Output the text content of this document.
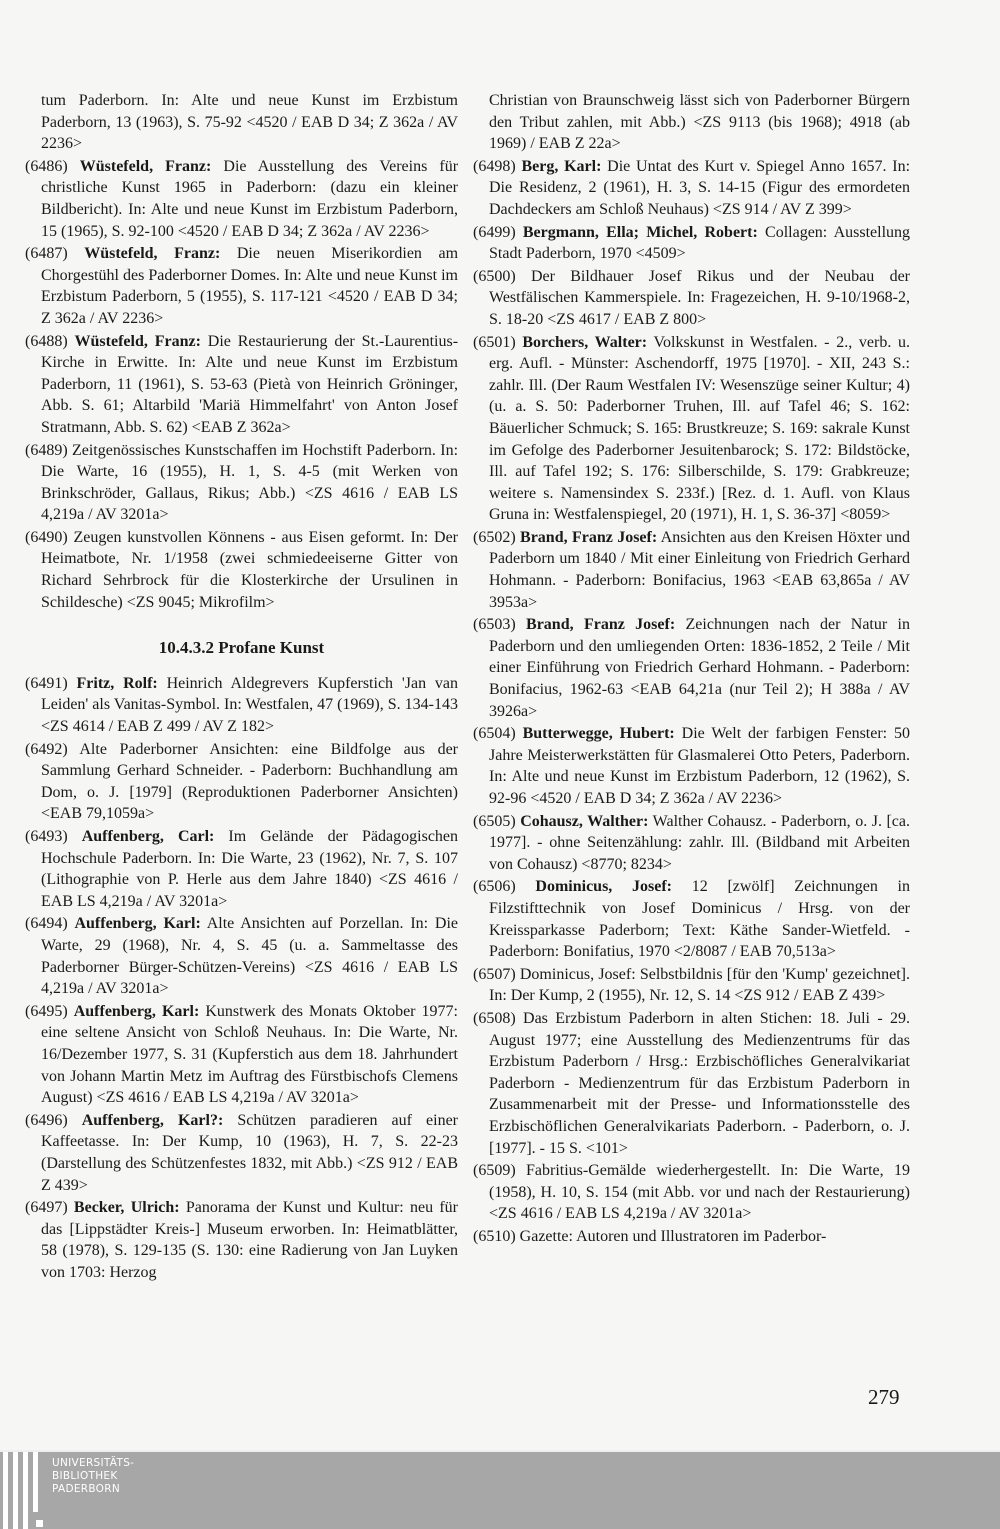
tum Paderborn. In: Alte und neue Kunst im Erzbistum Paderborn, 13 (1963), S. 75-92 <4520 / EAB D 34; Z 362a / AV 2236>
(6486) Wüstefeld, Franz: Die Ausstellung des Vereins für christliche Kunst 1965 in Paderborn: (dazu ein kleiner Bildbericht). In: Alte und neue Kunst im Erzbistum Paderborn, 15 (1965), S. 92-100 <4520 / EAB D 34; Z 362a / AV 2236>
(6487) Wüstefeld, Franz: Die neuen Miserikordien am Chorgestühl des Paderborner Domes. In: Alte und neue Kunst im Erzbistum Paderborn, 5 (1955), S. 117-121 <4520 / EAB D 34; Z 362a / AV 2236>
(6488) Wüstefeld, Franz: Die Restaurierung der St.-Laurentius-Kirche in Erwitte. In: Alte und neue Kunst im Erzbistum Paderborn, 11 (1961), S. 53-63 (Pietà von Heinrich Gröninger, Abb. S. 61; Altarbild 'Mariä Himmelfahrt' von Anton Josef Stratmann, Abb. S. 62) <EAB Z 362a>
(6489) Zeitgenössisches Kunstschaffen im Hochstift Paderborn. In: Die Warte, 16 (1955), H. 1, S. 4-5 (mit Werken von Brinkschröder, Gallaus, Rikus; Abb.) <ZS 4616 / EAB LS 4,219a / AV 3201a>
(6490) Zeugen kunstvollen Könnens - aus Eisen geformt. In: Der Heimatbote, Nr. 1/1958 (zwei schmiedeeiserne Gitter von Richard Sehrbrock für die Klosterkirche der Ursulinen in Schildesche) <ZS 9045; Mikrofilm>
10.4.3.2 Profane Kunst
(6491) Fritz, Rolf: Heinrich Aldegrevers Kupferstich 'Jan van Leiden' als Vanitas-Symbol. In: Westfalen, 47 (1969), S. 134-143 <ZS 4614 / EAB Z 499 / AV Z 182>
(6492) Alte Paderborner Ansichten: eine Bildfolge aus der Sammlung Gerhard Schneider. - Paderborn: Buchhandlung am Dom, o. J. [1979] (Reproduktionen Paderborner Ansichten) <EAB 79,1059a>
(6493) Auffenberg, Carl: Im Gelände der Pädagogischen Hochschule Paderborn. In: Die Warte, 23 (1962), Nr. 7, S. 107 (Lithographie von P. Herle aus dem Jahre 1840) <ZS 4616 / EAB LS 4,219a / AV 3201a>
(6494) Auffenberg, Karl: Alte Ansichten auf Porzellan. In: Die Warte, 29 (1968), Nr. 4, S. 45 (u. a. Sammeltasse des Paderborner Bürger-Schützen-Vereins) <ZS 4616 / EAB LS 4,219a / AV 3201a>
(6495) Auffenberg, Karl: Kunstwerk des Monats Oktober 1977: eine seltene Ansicht von Schloß Neuhaus. In: Die Warte, Nr. 16/Dezember 1977, S. 31 (Kupferstich aus dem 18. Jahrhundert von Johann Martin Metz im Auftrag des Fürstbischofs Clemens August) <ZS 4616 / EAB LS 4,219a / AV 3201a>
(6496) Auffenberg, Karl?: Schützen paradieren auf einer Kaffeetasse. In: Der Kump, 10 (1963), H. 7, S. 22-23 (Darstellung des Schützenfestes 1832, mit Abb.) <ZS 912 / EAB Z 439>
(6497) Becker, Ulrich: Panorama der Kunst und Kultur: neu für das [Lippstädter Kreis-] Museum erworben. In: Heimatblätter, 58 (1978), S. 129-135 (S. 130: eine Radierung von Jan Luyken von 1703: Herzog
Christian von Braunschweig lässt sich von Paderborner Bürgern den Tribut zahlen, mit Abb.) <ZS 9113 (bis 1968); 4918 (ab 1969) / EAB Z 22a>
(6498) Berg, Karl: Die Untat des Kurt v. Spiegel Anno 1657. In: Die Residenz, 2 (1961), H. 3, S. 14-15 (Figur des ermordeten Dachdeckers am Schloß Neuhaus) <ZS 914 / AV Z 399>
(6499) Bergmann, Ella; Michel, Robert: Collagen: Ausstellung Stadt Paderborn, 1970 <4509>
(6500) Der Bildhauer Josef Rikus und der Neubau der Westfälischen Kammerspiele. In: Fragezeichen, H. 9-10/1968-2, S. 18-20 <ZS 4617 / EAB Z 800>
(6501) Borchers, Walter: Volkskunst in Westfalen. - 2., verb. u. erg. Aufl. - Münster: Aschendorff, 1975 [1970]. - XII, 243 S.: zahlr. Ill. (Der Raum Westfalen IV: Wesenszüge seiner Kultur; 4) (u. a. S. 50: Paderborner Truhen, Ill. auf Tafel 46; S. 162: Bäuerlicher Schmuck; S. 165: Brustkreuze; S. 169: sakrale Kunst im Gefolge des Paderborner Jesuitenbarock; S. 172: Bildstöcke, Ill. auf Tafel 192; S. 176: Silberschilde, S. 179: Grabkreuze; weitere s. Namensindex S. 233f.) [Rez. d. 1. Aufl. von Klaus Gruna in: Westfalenspiegel, 20 (1971), H. 1, S. 36-37] <8059>
(6502) Brand, Franz Josef: Ansichten aus den Kreisen Höxter und Paderborn um 1840 / Mit einer Einleitung von Friedrich Gerhard Hohmann. - Paderborn: Bonifacius, 1963 <EAB 63,865a / AV 3953a>
(6503) Brand, Franz Josef: Zeichnungen nach der Natur in Paderborn und den umliegenden Orten: 1836-1852, 2 Teile / Mit einer Einführung von Friedrich Gerhard Hohmann. - Paderborn: Bonifacius, 1962-63 <EAB 64,21a (nur Teil 2); H 388a / AV 3926a>
(6504) Butterwegge, Hubert: Die Welt der farbigen Fenster: 50 Jahre Meisterwerkstätten für Glasmalerei Otto Peters, Paderborn. In: Alte und neue Kunst im Erzbistum Paderborn, 12 (1962), S. 92-96 <4520 / EAB D 34; Z 362a / AV 2236>
(6505) Cohausz, Walther: Walther Cohausz. - Paderborn, o. J. [ca. 1977]. - ohne Seitenzählung: zahlr. Ill. (Bildband mit Arbeiten von Cohausz) <8770; 8234>
(6506) Dominicus, Josef: 12 [zwölf] Zeichnungen in Filzstifttechnik von Josef Dominicus / Hrsg. von der Kreissparkasse Paderborn; Text: Käthe Sander-Wietfeld. - Paderborn: Bonifatius, 1970 <2/8087 / EAB 70,513a>
(6507) Dominicus, Josef: Selbstbildnis [für den 'Kump' gezeichnet]. In: Der Kump, 2 (1955), Nr. 12, S. 14 <ZS 912 / EAB Z 439>
(6508) Das Erzbistum Paderborn in alten Stichen: 18. Juli - 29. August 1977; eine Ausstellung des Medienzentrums für das Erzbistum Paderborn / Hrsg.: Erzbischöfliches Generalvikariat Paderborn - Medienzentrum für das Erzbistum Paderborn in Zusammenarbeit mit der Presse- und Informationsstelle des Erzbischöflichen Generalvikariats Paderborn. - Paderborn, o. J. [1977]. - 15 S. <101>
(6509) Fabritius-Gemälde wiederhergestellt. In: Die Warte, 19 (1958), H. 10, S. 154 (mit Abb. vor und nach der Restaurierung) <ZS 4616 / EAB LS 4,219a / AV 3201a>
(6510) Gazette: Autoren und Illustratoren im Paderbor-
279
UNIVERSITÄTS-
BIBLIOTHEK
PADERBORN
